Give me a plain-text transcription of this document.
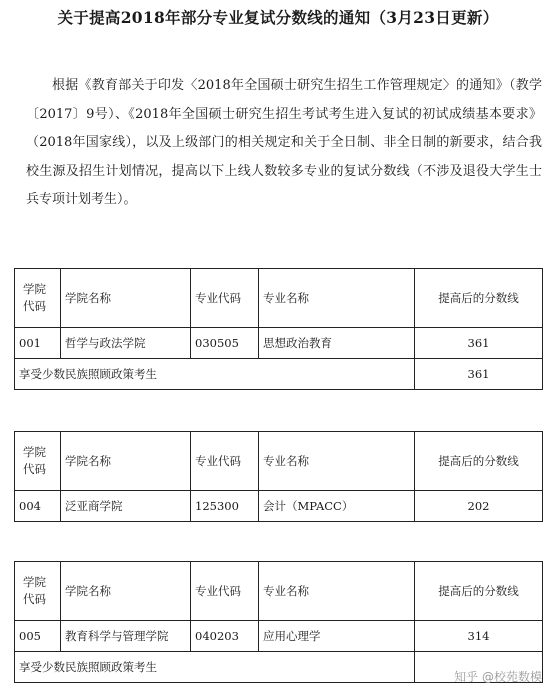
关于提高2018年部分专业复试分数线的通知（3月23日更新）

根据《教育部关于印发〈2018年全国硕士研究生招生工作管理规定〉的通知》（教学〔2017〕9号）、《2018年全国硕士研究生招生考试考生进入复试的初试成绩基本要求》（2018年国家线），以及上级部门的相关规定和关于全日制、非全日制的新要求，结合我校生源及招生计划情况，提高以下上线人数较多专业的复试分数线（不涉及退役大学生士兵专项计划考生）。

学院
代码	学院名称	专业代码	专业名称	提高后的分数线
001	哲学与政法学院	030505	思想政治教育	361
享受少数民族照顾政策考生				361
学院
代码	学院名称	专业代码	专业名称	提高后的分数线
004	泛亚商学院	125300	会计（MPACC）	202
学院
代码	学院名称	专业代码	专业名称	提高后的分数线
005	教育科学与管理学院	040203	应用心理学	314
享受少数民族照顾政策考生				
知乎 @校苑数模
